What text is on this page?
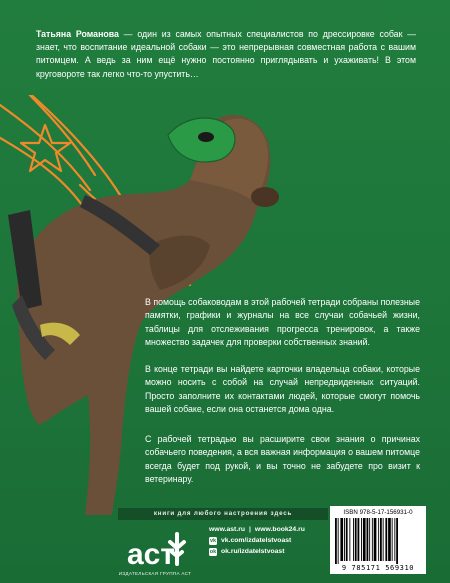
Татьяна Романова — один из самых опытных специалистов по дрессировке собак — знает, что воспитание идеальной собаки — это непрерывная совместная работа с вашим питомцем. А ведь за ним ещё нужно постоянно приглядывать и ухаживать! В этом круговороте так легко что-то упустить…

В помощь собаководам в этой рабочей тетради собраны полезные памятки, графики и журналы на все случаи собачьей жизни, таблицы для отслеживания прогресса тренировок, а также множество задачек для проверки собственных знаний.

В конце тетради вы найдете карточки владельца собаки, которые можно носить с собой на случай непредвиденных ситуаций. Просто заполните их контактами людей, которые смогут помочь вашей собаке, если она останется дома одна.

С рабочей тетрадью вы расширите свои знания о причинах собачьего поведения, а вся важная информация о вашем питомце всегда будет под рукой, и вы точно не забудете про визит к ветеринару.

книги для любого настроения здесь
аст
ИЗДАТЕЛЬСКАЯ ГРУППА АСТ
www.ast.ru | www.book24.ru
vk vk.com/izdatelstvoast
ok ok.ru/izdatelstvoast
ISBN 978-5-17-156931-0
9 785171 569310
